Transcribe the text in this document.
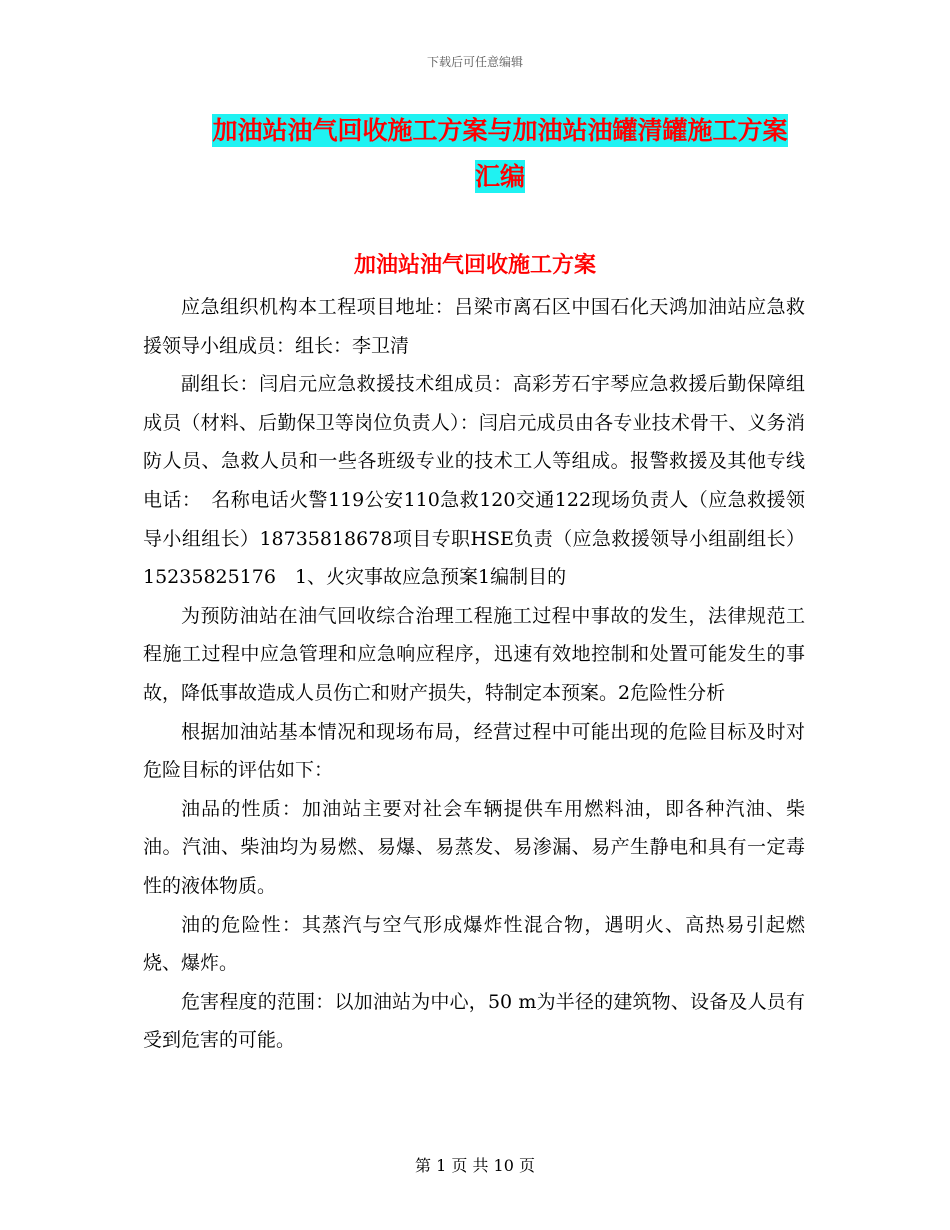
下载后可任意编辑
加油站油气回收施工方案与加油站油罐清罐施工方案
汇编
加油站油气回收施工方案

应急组织机构本工程项目地址：吕梁市离石区中国石化天鸿加油站应急救援领导小组成员：组长：李卫清

副组长：闫启元应急救援技术组成员：高彩芳石宇琴应急救援后勤保障组成员（材料、后勤保卫等岗位负责人）：闫启元成员由各专业技术骨干、义务消防人员、急救人员和一些各班级专业的技术工人等组成。报警救援及其他专线电话：　名称电话火警119公安110急救120交通122现场负责人（应急救援领导小组组长）18735818678项目专职HSE负责（应急救援领导小组副组长）15235825176　1、火灾事故应急预案1编制目的

为预防油站在油气回收综合治理工程施工过程中事故的发生，法律规范工程施工过程中应急管理和应急响应程序，迅速有效地控制和处置可能发生的事故，降低事故造成人员伤亡和财产损失，特制定本预案。2危险性分析

根据加油站基本情况和现场布局，经营过程中可能出现的危险目标及时对危险目标的评估如下：

油品的性质：加油站主要对社会车辆提供车用燃料油，即各种汽油、柴油。汽油、柴油均为易燃、易爆、易蒸发、易渗漏、易产生静电和具有一定毒性的液体物质。

油的危险性：其蒸汽与空气形成爆炸性混合物，遇明火、高热易引起燃烧、爆炸。

危害程度的范围：以加油站为中心，50 m为半径的建筑物、设备及人员有受到危害的可能。

第 1 页 共 10 页
